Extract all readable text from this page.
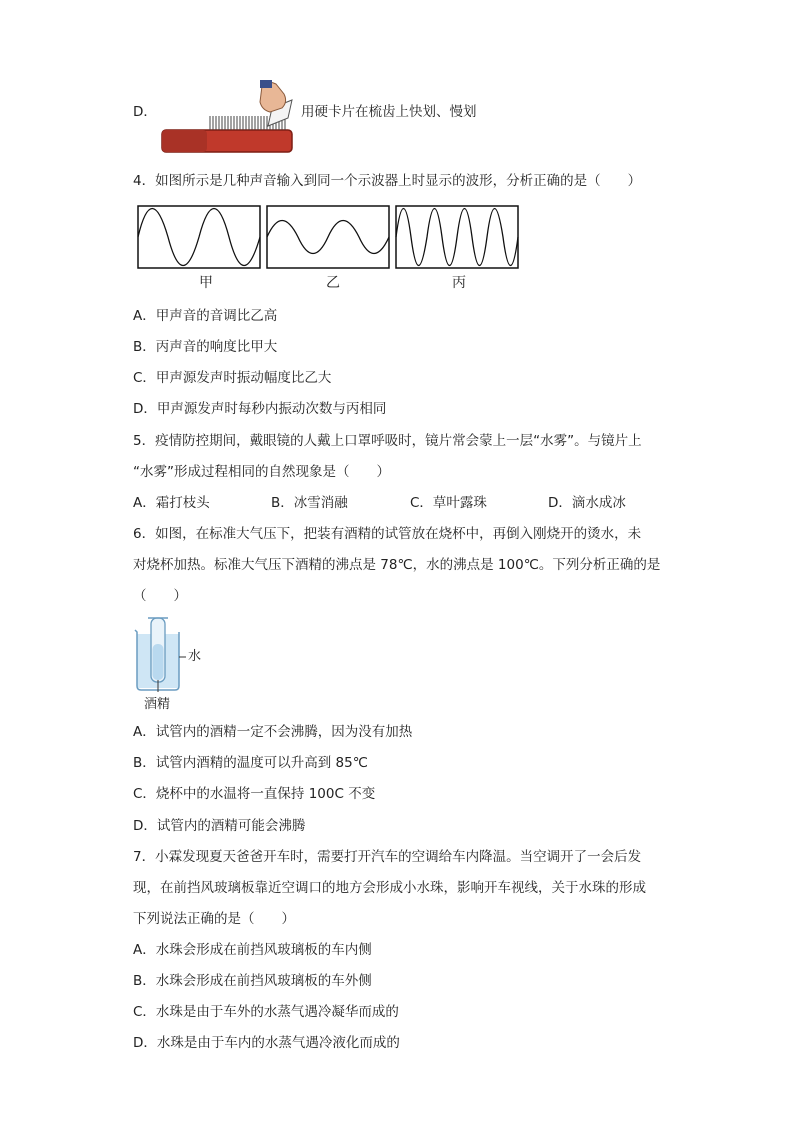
D．	用硬卡片在梳齿上快划、慢划
4．如图所示是几种声音输入到同一个示波器上时显示的波形，分析正确的是（　　）
甲	乙	丙
A．甲声音的音调比乙高
B．丙声音的响度比甲大
C．甲声源发声时振动幅度比乙大
D．甲声源发声时每秒内振动次数与丙相同
5．疫情防控期间，戴眼镜的人戴上口罩呼吸时，镜片常会蒙上一层“水雾”。与镜片上
“水雾”形成过程相同的自然现象是（　　）
A．霜打枝头	B．冰雪消融	C．草叶露珠	D．滴水成冰
6．如图，在标准大气压下，把装有酒精的试管放在烧杯中，再倒入刚烧开的烫水，未
对烧杯加热。标准大气压下酒精的沸点是 78℃，水的沸点是 100℃。下列分析正确的是
（　　）
水
酒精
A．试管内的酒精一定不会沸腾，因为没有加热
B．试管内酒精的温度可以升高到 85℃
C．烧杯中的水温将一直保持 100C 不变
D．试管内的酒精可能会沸腾
7．小霖发现夏天爸爸开车时，需要打开汽车的空调给车内降温。当空调开了一会后发
现，在前挡风玻璃板靠近空调口的地方会形成小水珠，影响开车视线，关于水珠的形成
下列说法正确的是（　　）
A．水珠会形成在前挡风玻璃板的车内侧
B．水珠会形成在前挡风玻璃板的车外侧
C．水珠是由于车外的水蒸气遇冷凝华而成的
D．水珠是由于车内的水蒸气遇冷液化而成的
